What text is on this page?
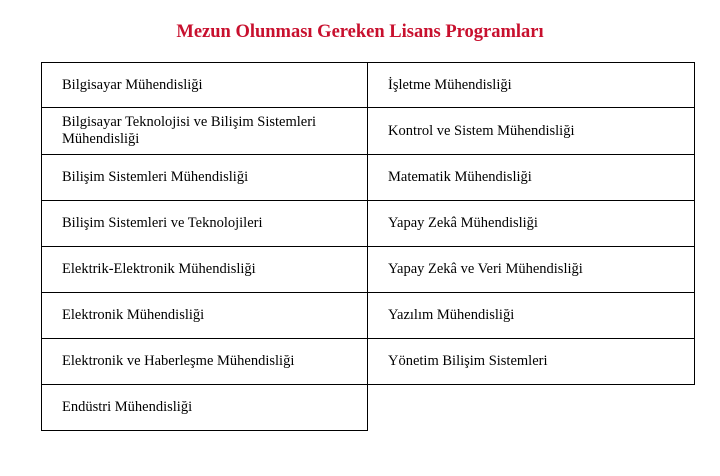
Mezun Olunması Gereken Lisans Programları
Bilgisayar Mühendisliği	İşletme Mühendisliği
Bilgisayar Teknolojisi ve Bilişim Sistemleri Mühendisliği	Kontrol ve Sistem Mühendisliği
Bilişim Sistemleri Mühendisliği	Matematik Mühendisliği
Bilişim Sistemleri ve Teknolojileri	Yapay Zekâ Mühendisliği
Elektrik-Elektronik Mühendisliği	Yapay Zekâ ve Veri Mühendisliği
Elektronik Mühendisliği	Yazılım Mühendisliği
Elektronik ve Haberleşme Mühendisliği	Yönetim Bilişim Sistemleri
Endüstri Mühendisliği	
